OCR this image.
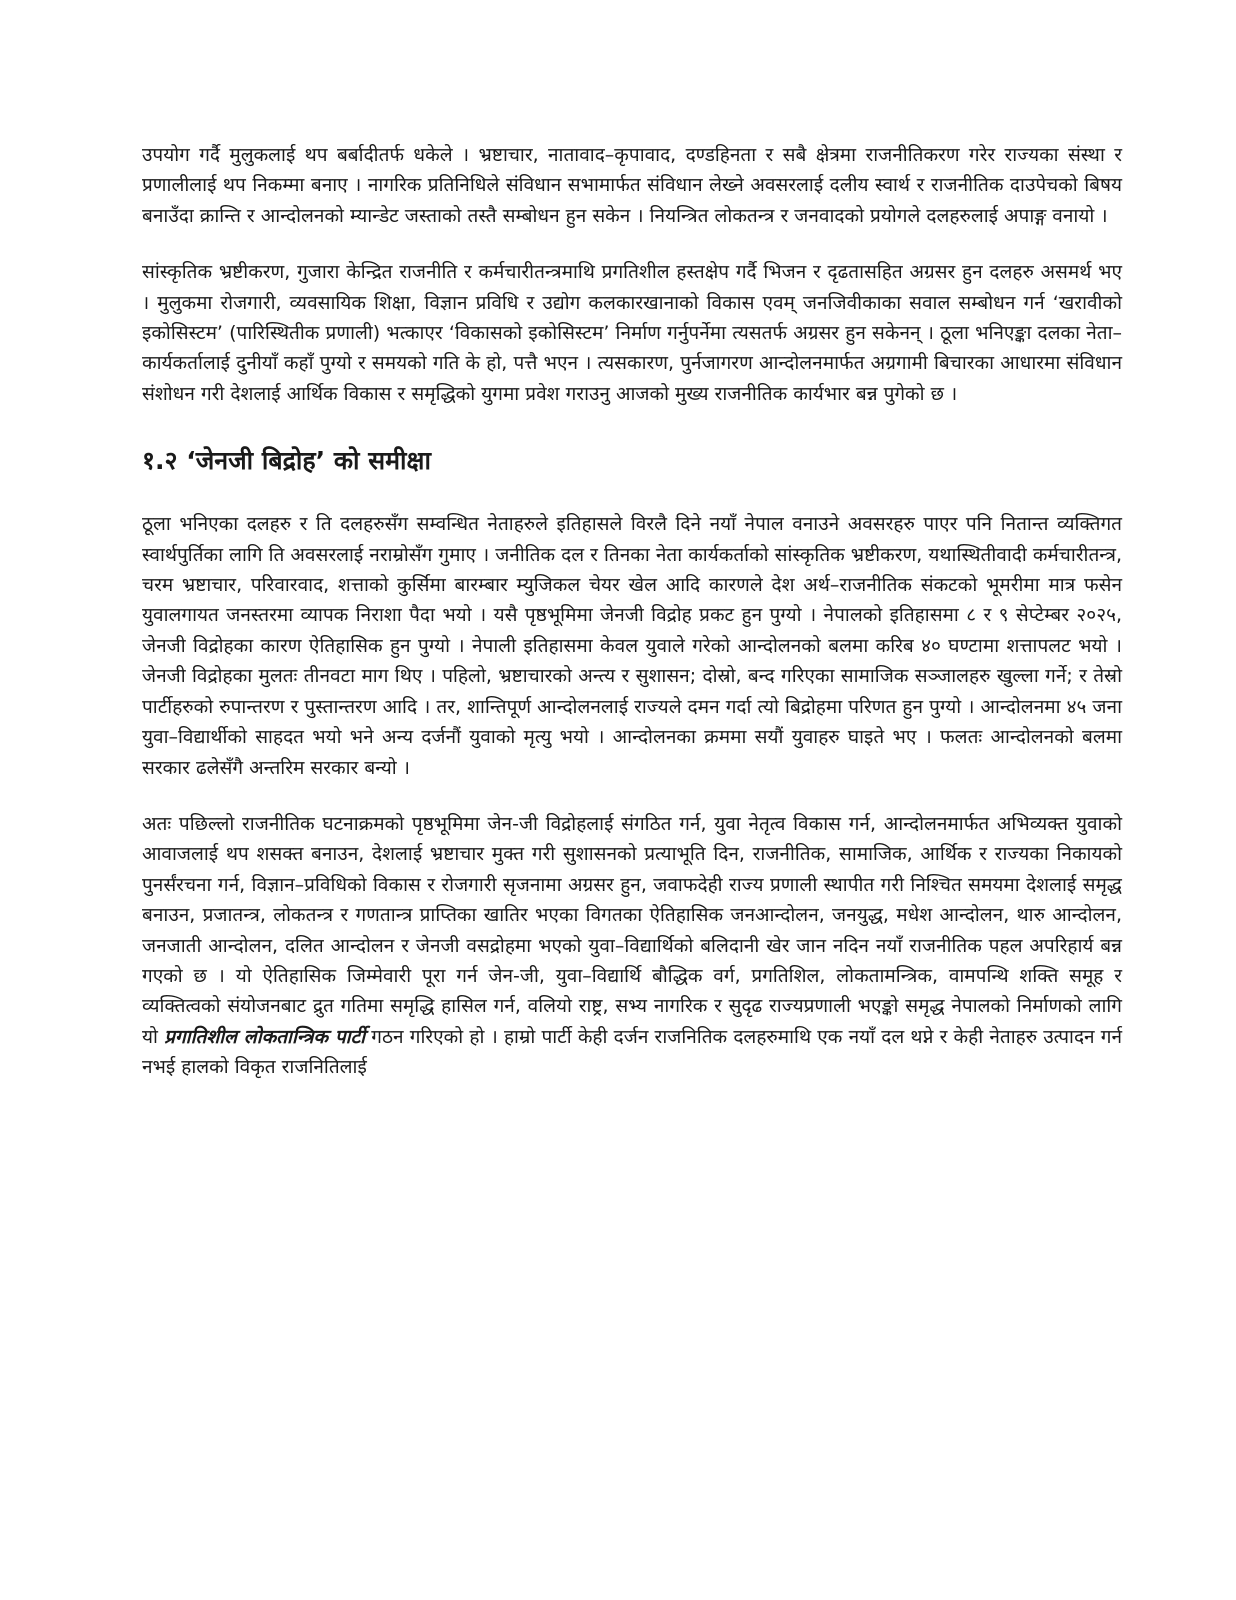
उपयोग गर्दै मुलुकलाई थप बर्बादीतर्फ धकेले । भ्रष्टाचार, नातावाद–कृपावाद, दण्डहिनता र सबै क्षेत्रमा राजनीतिकरण गरेर राज्यका संस्था र प्रणालीलाई थप निकम्मा बनाए । नागरिक प्रतिनिधिले संविधान सभामार्फत संविधान लेख्ने अवसरलाई दलीय स्वार्थ र राजनीतिक दाउपेचको बिषय बनाउँदा क्रान्ति र आन्दोलनको म्यान्डेट जस्ताको तस्तै सम्बोधन हुन सकेन । नियन्त्रित लोकतन्त्र र जनवादको प्रयोगले दलहरुलाई अपाङ्ग वनायो ।

सांस्कृतिक भ्रष्टीकरण, गुजारा केन्द्रित राजनीति र कर्मचारीतन्त्रमाथि प्रगतिशील हस्तक्षेप गर्दै भिजन र दृढतासहित अग्रसर हुन दलहरु असमर्थ भए । मुलुकमा रोजगारी, व्यवसायिक शिक्षा, विज्ञान प्रविधि र उद्योग कलकारखानाको विकास एवम् जनजिवीकाका सवाल सम्बोधन गर्न ‘खरावीको इकोसिस्टम’ (पारिस्थितीक प्रणाली) भत्काएर ‘विकासको इकोसिस्टम’ निर्माण गर्नुपर्नेमा त्यसतर्फ अग्रसर हुन सकेनन् । ठूला भनिएङ्का दलका नेता–कार्यकर्तालाई दुनीयाँ कहाँ पुग्यो र समयको गति के हो, पत्तै भएन । त्यसकारण, पुर्नजागरण आन्दोलनमार्फत अग्रगामी बिचारका आधारमा संविधान संशोधन गरी देशलाई आर्थिक विकास र समृद्धिको युगमा प्रवेश गराउनु आजको मुख्य राजनीतिक कार्यभार बन्न पुगेको छ ।

१.२ ‘जेनजी बिद्रोह’ को समीक्षा

ठूला भनिएका दलहरु र ति दलहरुसँग सम्वन्धित नेताहरुले इतिहासले विरलै दिने नयाँ नेपाल वनाउने अवसरहरु पाएर पनि नितान्त व्यक्तिगत स्वार्थपुर्तिका लागि ति अवसरलाई नराम्रोसँग गुमाए । जनीतिक दल र तिनका नेता कार्यकर्ताको सांस्कृतिक भ्रष्टीकरण, यथास्थितीवादी कर्मचारीतन्त्र, चरम भ्रष्टाचार, परिवारवाद, शत्ताको कुर्सिमा बारम्बार म्युजिकल चेयर खेल आदि कारणले देश अर्थ–राजनीतिक संकटको भूमरीमा मात्र फसेन युवालगायत जनस्तरमा व्यापक निराशा पैदा भयो । यसै पृष्ठभूमिमा जेनजी विद्रोह प्रकट हुन पुग्यो । नेपालको इतिहासमा ८ र ९ सेप्टेम्बर २०२५, जेनजी विद्रोहका कारण ऐतिहासिक हुन पुग्यो । नेपाली इतिहासमा केवल युवाले गरेको आन्दोलनको बलमा करिब ४० घण्टामा शत्तापलट भयो । जेनजी विद्रोहका मुलतः तीनवटा माग थिए । पहिलो, भ्रष्टाचारको अन्त्य र सुशासन; दोस्रो, बन्द गरिएका सामाजिक सञ्जालहरु खुल्ला गर्ने; र तेस्रो पार्टीहरुको रुपान्तरण र पुस्तान्तरण आदि । तर, शान्तिपूर्ण आन्दोलनलाई राज्यले दमन गर्दा त्यो बिद्रोहमा परिणत हुन पुग्यो । आन्दोलनमा ४५ जना युवा–विद्यार्थीको साहदत भयो भने अन्य दर्जनौं युवाको मृत्यु भयो । आन्दोलनका क्रममा सयौं युवाहरु घाइते भए । फलतः आन्दोलनको बलमा सरकार ढलेसँगै अन्तरिम सरकार बन्यो ।

अतः पछिल्लो राजनीतिक घटनाक्रमको पृष्ठभूमिमा जेन-जी विद्रोहलाई संगठित गर्न, युवा नेतृत्व विकास गर्न, आन्दोलनमार्फत अभिव्यक्त युवाको आवाजलाई थप शसक्त बनाउन, देशलाई भ्रष्टाचार मुक्त गरी सुशासनको प्रत्याभूति दिन, राजनीतिक, सामाजिक, आर्थिक र राज्यका निकायको पुनर्संरचना गर्न, विज्ञान–प्रविधिको विकास र रोजगारी सृजनामा अग्रसर हुन, जवाफदेही राज्य प्रणाली स्थापीत गरी निश्चित समयमा देशलाई समृद्ध बनाउन, प्रजातन्त्र, लोकतन्त्र र गणतान्त्र प्राप्तिका खातिर भएका विगतका ऐतिहासिक जनआन्दोलन, जनयुद्ध, मधेश आन्दोलन, थारु आन्दोलन, जनजाती आन्दोलन, दलित आन्दोलन र जेनजी वसद्रोहमा भएको युवा–विद्यार्थिको बलिदानी खेर जान नदिन नयाँ राजनीतिक पहल अपरिहार्य बन्न गएको छ । यो ऐतिहासिक जिम्मेवारी पूरा गर्न जेन-जी, युवा–विद्यार्थि बौद्धिक वर्ग, प्रगतिशिल, लोकतामन्त्रिक, वामपन्थि शक्ति समूह र व्यक्तित्वको संयोजनबाट द्रुत गतिमा समृद्धि हासिल गर्न, वलियो राष्ट्र, सभ्य नागरिक र सुदृढ राज्यप्रणाली भएङ्को समृद्ध नेपालको निर्माणको लागि यो प्रगातिशील लोकतान्त्रिक पार्टी गठन गरिएको हो । हाम्रो पार्टी केही दर्जन राजनितिक दलहरुमाथि एक नयाँ दल थप्ने र केही नेताहरु उत्पादन गर्न नभई हालको विकृत राजनितिलाई
